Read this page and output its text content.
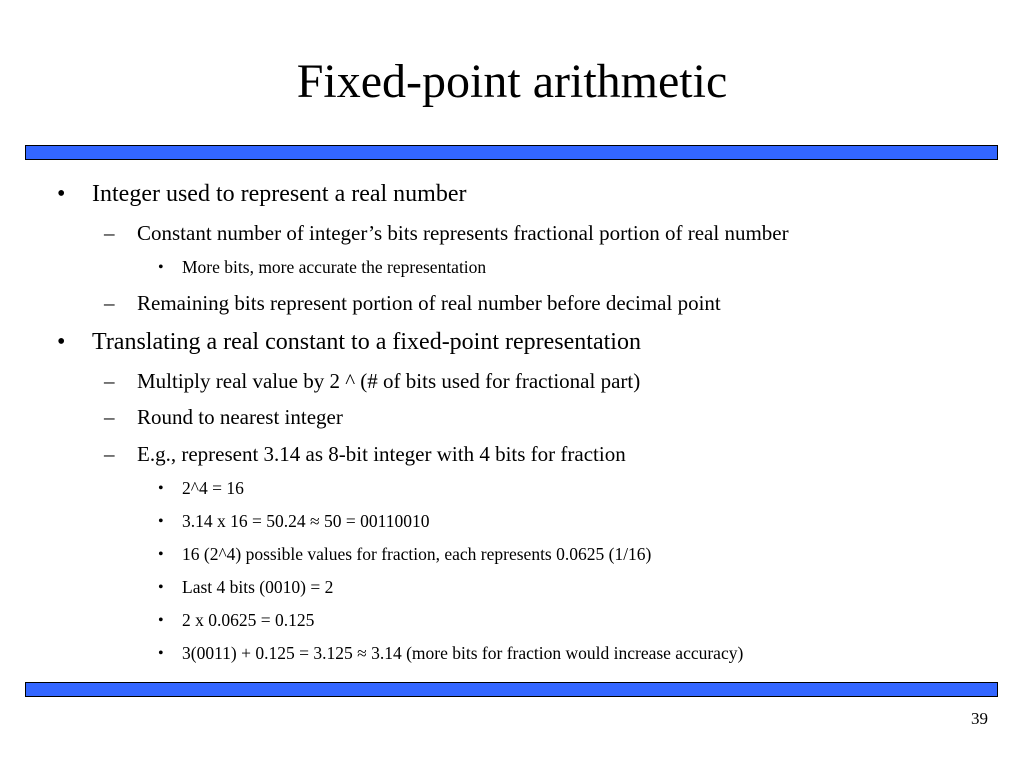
Fixed-point arithmetic
• Integer used to represent a real number
– Constant number of integer’s bits represents fractional portion of real number
• More bits, more accurate the representation
– Remaining bits represent portion of real number before decimal point
• Translating a real constant to a fixed-point representation
– Multiply real value by 2 ^ (# of bits used for fractional part)
– Round to nearest integer
– E.g., represent 3.14 as 8-bit integer with 4 bits for fraction
• 2^4 = 16
• 3.14 x 16 = 50.24 ≈ 50 = 00110010
• 16 (2^4) possible values for fraction, each represents 0.0625 (1/16)
• Last 4 bits (0010) = 2
• 2 x 0.0625 = 0.125
• 3(0011) + 0.125 = 3.125 ≈ 3.14 (more bits for fraction would increase accuracy)
39
